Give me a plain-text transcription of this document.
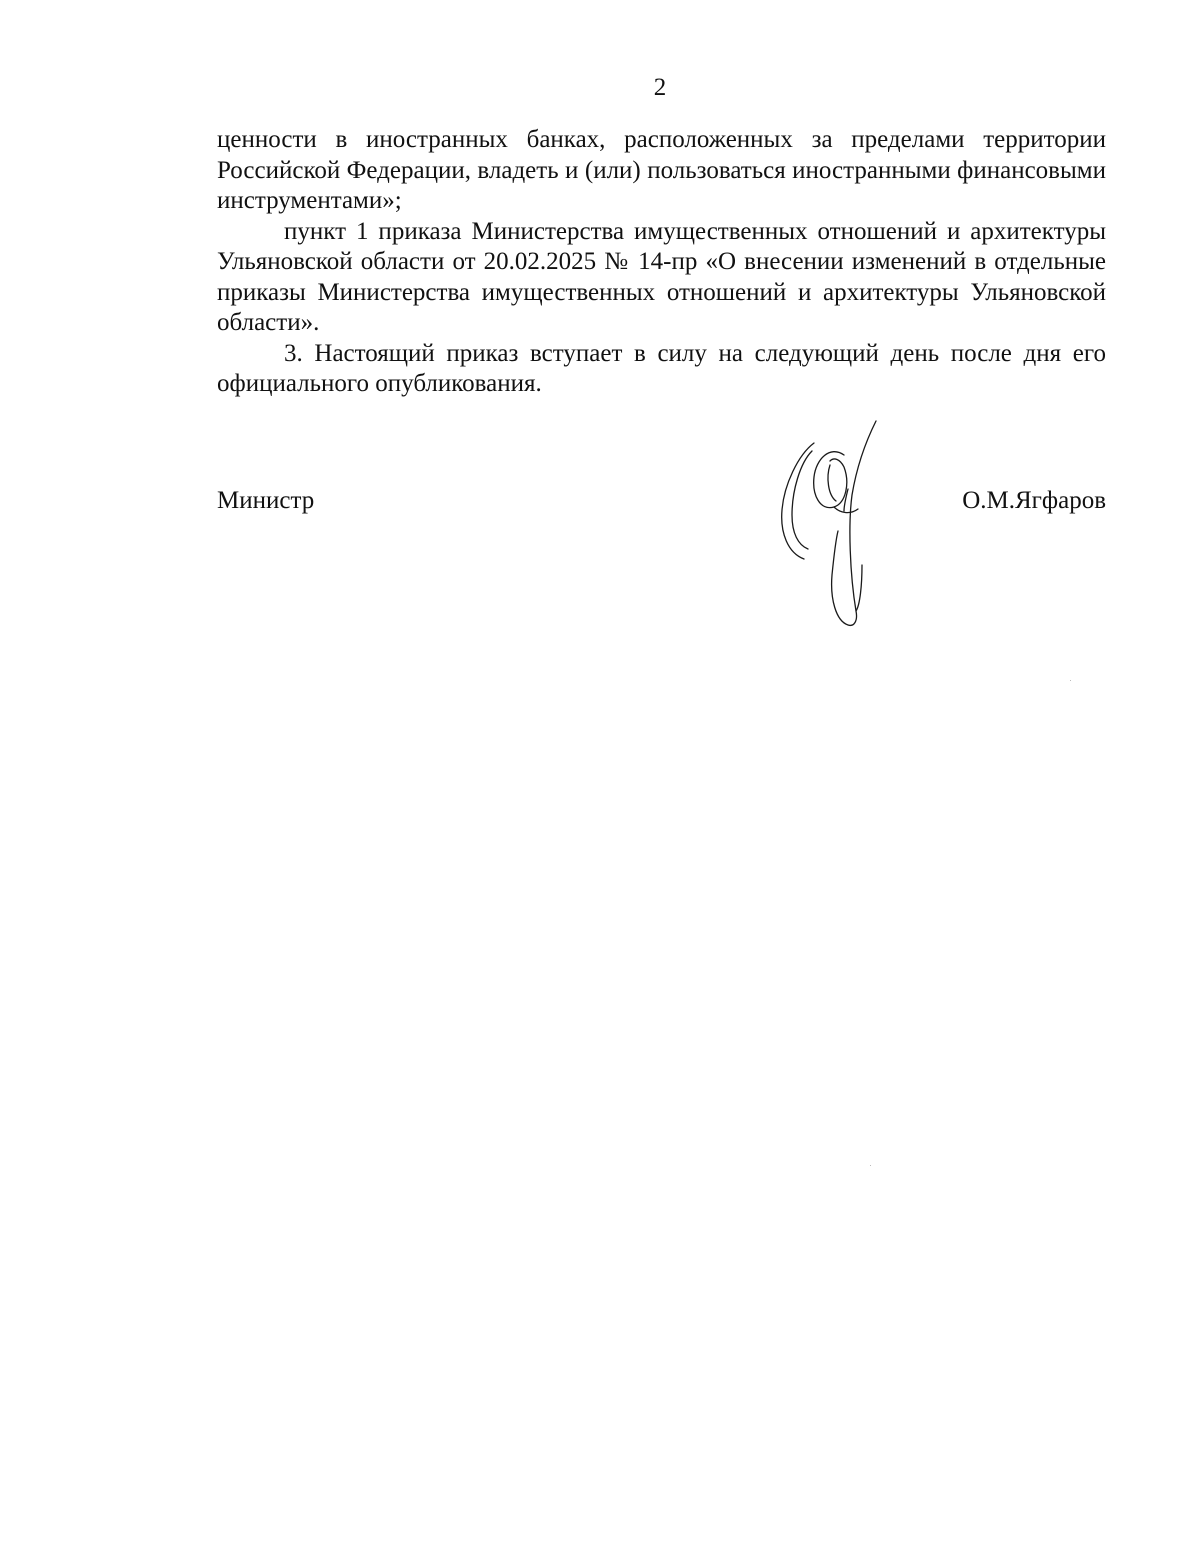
2

ценности в иностранных банках, расположенных за пределами территории Российской Федерации, владеть и (или) пользоваться иностранными финансовыми инструментами»;

пункт 1 приказа Министерства имущественных отношений и архитектуры Ульяновской области от 20.02.2025 № 14-пр «О внесении изменений в отдельные приказы Министерства имущественных отношений и архитектуры Ульяновской области».

3. Настоящий приказ вступает в силу на следующий день после дня его официального опубликования.

Министр	О.М.Ягфаров
